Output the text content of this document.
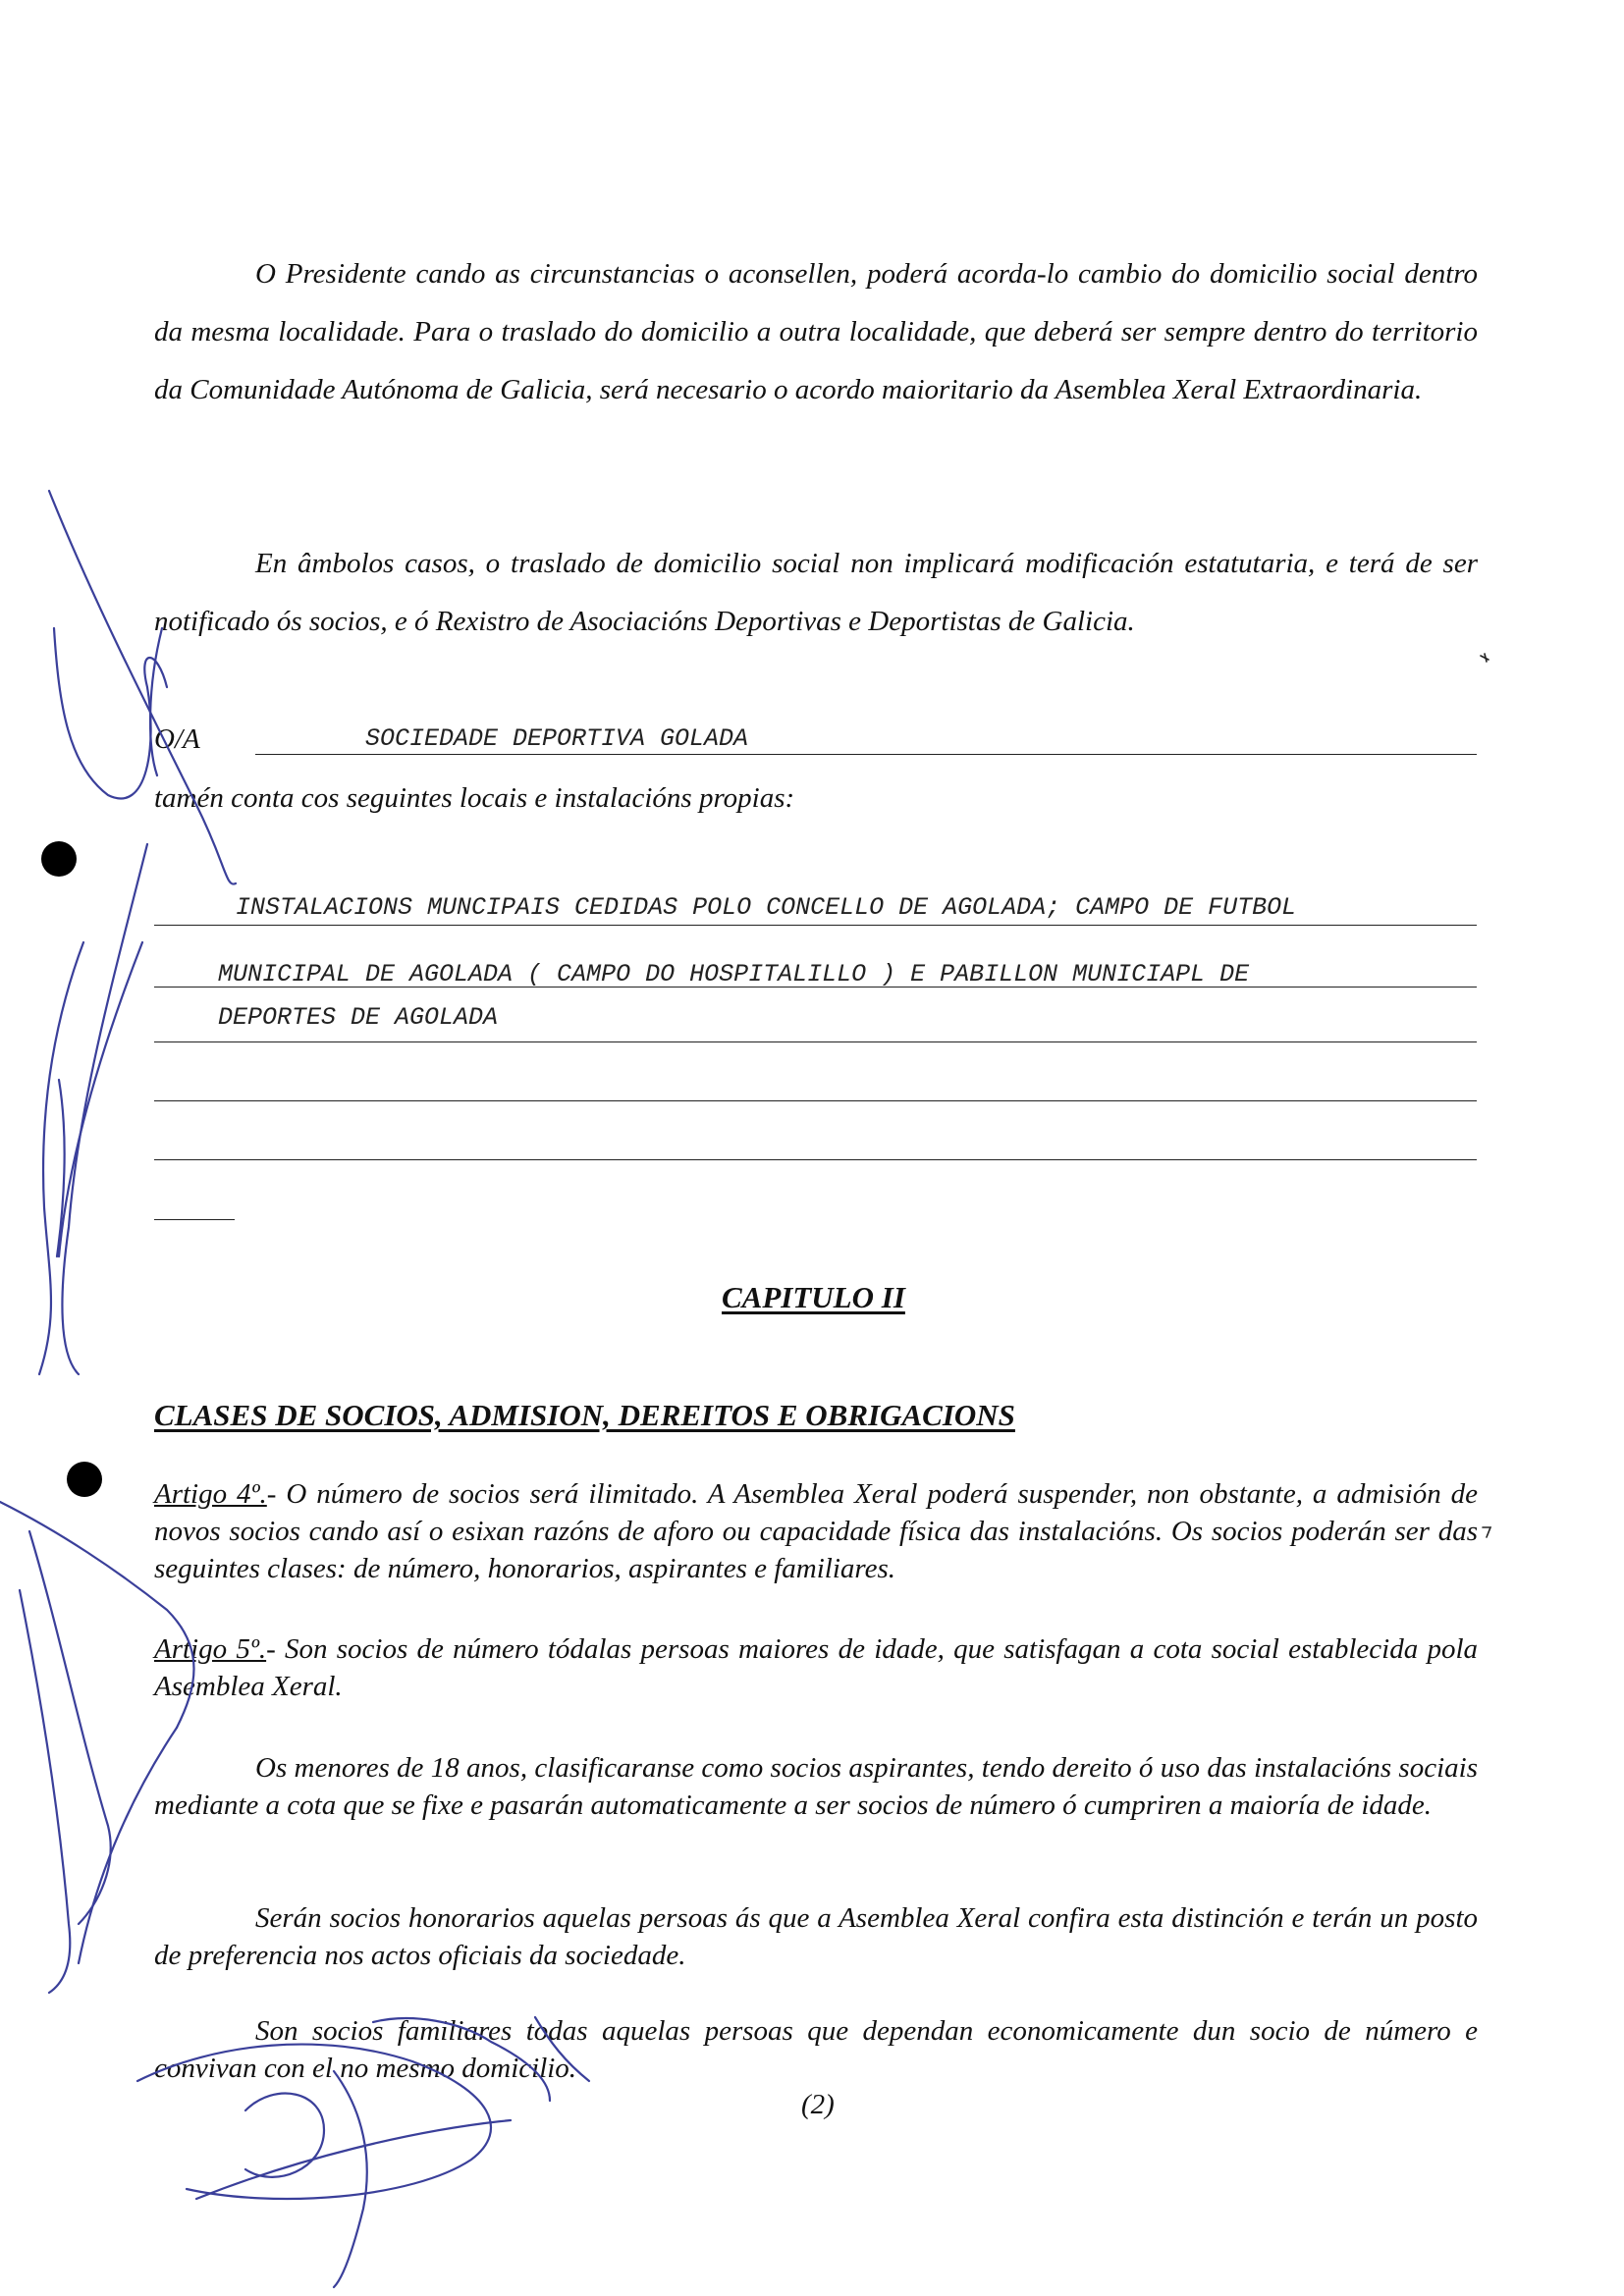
O Presidente cando as circunstancias o aconsellen, poderá acorda-lo cambio do domicilio social dentro da mesma localidade. Para o traslado do domicilio a outra localidade, que deberá ser sempre dentro do territorio da Comunidade Autónoma de Galicia, será necesario o acordo maioritario da Asemblea Xeral Extraordinaria.

En âmbolos casos, o traslado de domicilio social non implicará modificación estatutaria, e terá de ser notificado ós socios, e ó Rexistro de Asociacións Deportivas e Deportistas de Galicia.

O/A	SOCIEDADE DEPORTIVA GOLADA
tamén conta cos seguintes locais e instalacións propias:
INSTALACIONS MUNCIPAIS CEDIDAS POLO CONCELLO DE AGOLADA; CAMPO DE FUTBOL
MUNICIPAL DE AGOLADA ( CAMPO DO HOSPITALILLO ) E PABILLON MUNICIAPL DE
DEPORTES DE AGOLADA
CAPITULO II
CLASES DE SOCIOS, ADMISION, DEREITOS E OBRIGACIONS

Artigo 4º.- O número de socios será ilimitado. A Asemblea Xeral poderá suspender, non obstante, a admisión de novos socios cando así o esixan razóns de aforo ou capacidade física das instalacións. Os socios poderán ser das seguintes clases: de número, honorarios, aspirantes e familiares.

Artigo 5º.- Son socios de número tódalas persoas maiores de idade, que satisfagan a cota social establecida pola Asemblea Xeral.

Os menores de 18 anos, clasificaranse como socios aspirantes, tendo dereito ó uso das instalacións sociais mediante a cota que se fixe e pasarán automaticamente a ser socios de número ó cumpriren a maioría de idade.

Serán socios honorarios aquelas persoas ás que a Asemblea Xeral confira esta distinción e terán un posto de preferencia nos actos oficiais da sociedade.

Son socios familiares todas aquelas persoas que dependan economicamente dun socio de número e convivan con el no mesmo domicilio.

(2)
